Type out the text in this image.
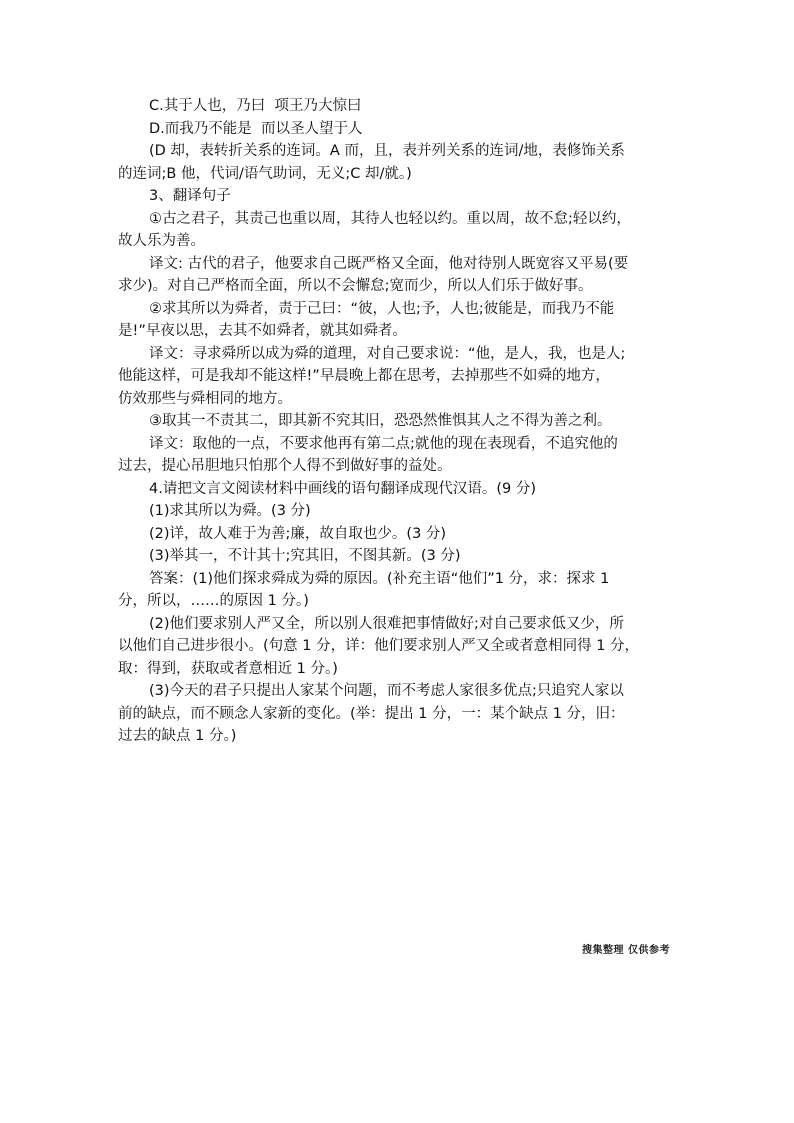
C.其于人也，乃曰  项王乃大惊曰

D.而我乃不能是  而以圣人望于人

(D 却，表转折关系的连词。A 而，且，表并列关系的连词/地，表修饰关系

的连词;B 他，代词/语气助词，无义;C 却/就。)

3、翻译句子

①古之君子，其责己也重以周，其待人也轻以约。重以周，故不怠;轻以约，

故人乐为善。

译文: 古代的君子，他要求自己既严格又全面，他对待别人既宽容又平易(要

求少)。对自己严格而全面，所以不会懈怠;宽而少，所以人们乐于做好事。

②求其所以为舜者，责于己曰：“彼，人也;予，人也;彼能是，而我乃不能

是!”早夜以思，去其不如舜者，就其如舜者。

译文：寻求舜所以成为舜的道理，对自己要求说：“他，是人，我，也是人;

他能这样，可是我却不能这样!”早晨晚上都在思考，去掉那些不如舜的地方，

仿效那些与舜相同的地方。

③取其一不责其二，即其新不究其旧，恐恐然惟惧其人之不得为善之利。

译文：取他的一点，不要求他再有第二点;就他的现在表现看，不追究他的

过去，提心吊胆地只怕那个人得不到做好事的益处。

4.请把文言文阅读材料中画线的语句翻译成现代汉语。(9 分)

(1)求其所以为舜。(3 分)

(2)详，故人难于为善;廉，故自取也少。(3 分)

(3)举其一，不计其十;究其旧，不图其新。(3 分)

答案：(1)他们探求舜成为舜的原因。(补充主语“他们”1 分，求：探求 1

分，所以，……的原因 1 分。)

(2)他们要求别人严又全，所以别人很难把事情做好;对自己要求低又少，所

以他们自己进步很小。(句意 1 分，详：他们要求别人严又全或者意相同得 1 分，

取：得到，获取或者意相近 1 分。)

(3)今天的君子只提出人家某个问题，而不考虑人家很多优点;只追究人家以

前的缺点，而不顾念人家新的变化。(举：提出 1 分，一：某个缺点 1 分，旧：

过去的缺点 1 分。)

搜集整理 仅供参考
